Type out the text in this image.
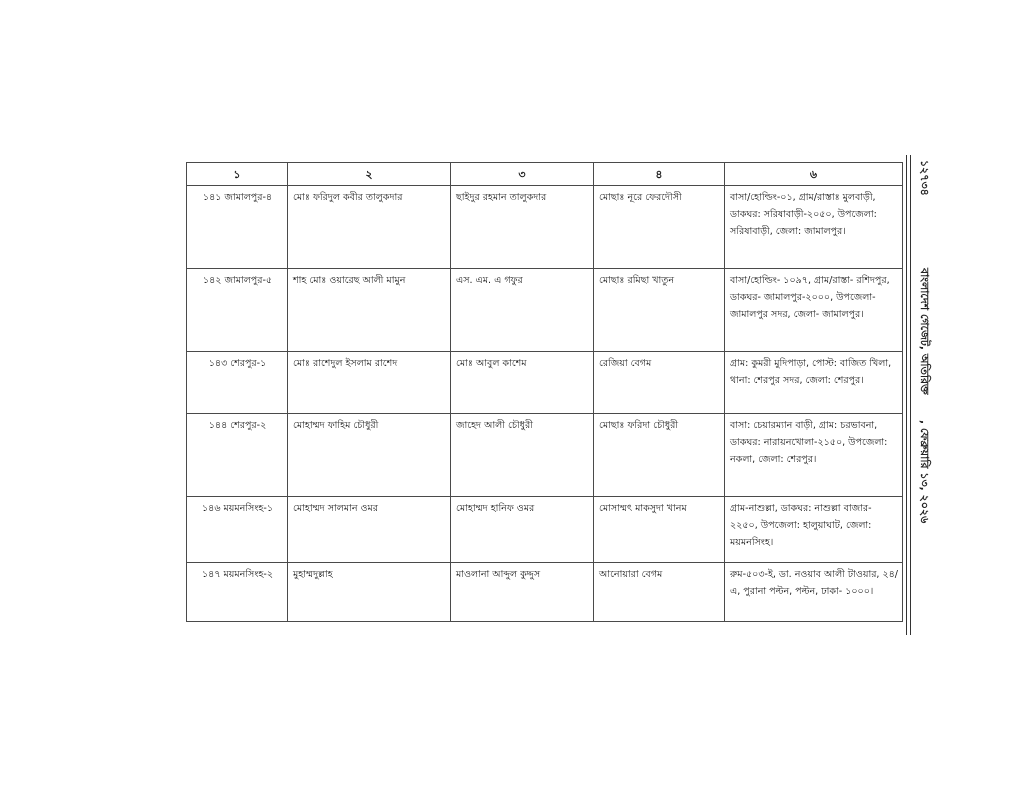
১	২	৩	৪	৬
১৪১ জামালপুর-৪	মোঃ ফরিদুল কবীর তালুকদার	ছাইদুর রহমান তালুকদার	মোছাঃ নূরে ফেরদৌসী	বাসা/হোল্ডিং-০১, গ্রাম/রাস্তাঃ মুলবাড়ী, ডাকঘর: সরিষাবাড়ী-২০৫০, উপজেলা: সরিষাবাড়ী, জেলা: জামালপুর।
১৪২ জামালপুর-৫	শাহ মোঃ ওয়ারেছ আলী মামুন	এস. এম. এ গফুর	মোছাঃ রমিছা খাতুন	বাসা/হোল্ডিং- ১০৯৭, গ্রাম/রাস্তা- রশিদপুর, ডাকঘর- জামালপুর-২০০০, উপজেলা- জামালপুর সদর, জেলা- জামালপুর।
১৪৩ শেরপুর-১	মোঃ রাশেদুল ইসলাম রাশেদ	মোঃ আবুল কাশেম	রেজিয়া বেগম	গ্রাম: কুমরী মুদিপাড়া, পোস্ট: বাজিত খিলা, থানা: শেরপুর সদর, জেলা: শেরপুর।
১৪৪ শেরপুর-২	মোহাম্মদ ফাহিম চৌধুরী	জাহেদ আলী চৌধুরী	মোছাঃ ফরিদা চৌধুরী	বাসা: চেয়ারম্যান বাড়ী, গ্রাম: চরভাবনা, ডাকঘর: নারায়নখোলা-২১৫০, উপজেলা: নকলা, জেলা: শেরপুর।
১৪৬ ময়মনসিংহ-১	মোহাম্মদ সালমান ওমর	মোহাম্মদ হানিফ ওমর	মোসাম্মৎ মাকসুদা খানম	গ্রাম-নাশুল্লা, ডাকঘর: নাশুল্লা বাজার- ২২৫০, উপজেলা: হালুয়াঘাট, জেলা: ময়মনসিংহ।
১৪৭ ময়মনসিংহ-২	মুহাম্মদুল্লাহ	মাওলানা আব্দুল কুদ্দুস	আনোয়ারা বেগম	রুম-৫০৩-ই, ডা. নওয়াব আলী টাওয়ার, ২৪/এ, পুরানা পল্টন, পল্টন, ঢাকা- ১০০০।
১২৭৩৪
বাংলাদেশ গেজেট, অতিরিক্ত
, ফেব্রুয়ারি ১৩, ২০২৬
